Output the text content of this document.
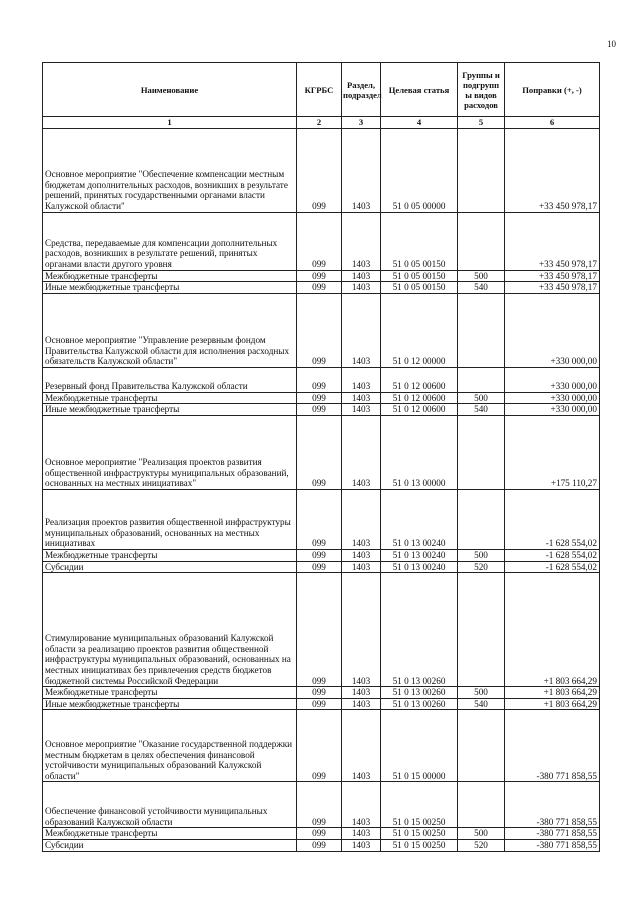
10
Наименование	КГРБС	Раздел, подраздел	Целевая статья	Группы и подгрупп ы видов расходов	Поправки (+, -)
1	2	3	4	5	6
Основное мероприятие "Обеспечение компенсации местным бюджетам дополнительных расходов, возникших в результате решений, принятых государственными органами власти Калужской области"	099	1403	51 0 05 00000		+33 450 978,17
Средства, передаваемые для компенсации дополнительных расходов, возникших в результате решений, принятых органами власти другого уровня	099	1403	51 0 05 00150		+33 450 978,17
Межбюджетные трансферты	099	1403	51 0 05 00150	500	+33 450 978,17
Иные межбюджетные трансферты	099	1403	51 0 05 00150	540	+33 450 978,17
Основное мероприятие "Управление резервным фондом Правительства Калужской области для исполнения расходных обязательств Калужской области"	099	1403	51 0 12 00000		+330 000,00
Резервный фонд Правительства Калужской области	099	1403	51 0 12 00600		+330 000,00
Межбюджетные трансферты	099	1403	51 0 12 00600	500	+330 000,00
Иные межбюджетные трансферты	099	1403	51 0 12 00600	540	+330 000,00
Основное мероприятие "Реализация проектов развития общественной инфраструктуры муниципальных образований, основанных на местных инициативах"	099	1403	51 0 13 00000		+175 110,27
Реализация проектов развития общественной инфраструктуры муниципальных образований, основанных на местных инициативах	099	1403	51 0 13 00240		-1 628 554,02
Межбюджетные трансферты	099	1403	51 0 13 00240	500	-1 628 554,02
Субсидии	099	1403	51 0 13 00240	520	-1 628 554,02
Стимулирование муниципальных образований Калужской области за реализацию проектов развития общественной инфраструктуры муниципальных образований, основанных на местных инициативах без привлечения средств бюджетов бюджетной системы Российской Федерации	099	1403	51 0 13 00260		+1 803 664,29
Межбюджетные трансферты	099	1403	51 0 13 00260	500	+1 803 664,29
Иные межбюджетные трансферты	099	1403	51 0 13 00260	540	+1 803 664,29
Основное мероприятие "Оказание государственной поддержки местным бюджетам в целях обеспечения финансовой устойчивости муниципальных образований Калужской области"	099	1403	51 0 15 00000		-380 771 858,55
Обеспечение финансовой устойчивости муниципальных образований Калужской области	099	1403	51 0 15 00250		-380 771 858,55
Межбюджетные трансферты	099	1403	51 0 15 00250	500	-380 771 858,55
Субсидии	099	1403	51 0 15 00250	520	-380 771 858,55
